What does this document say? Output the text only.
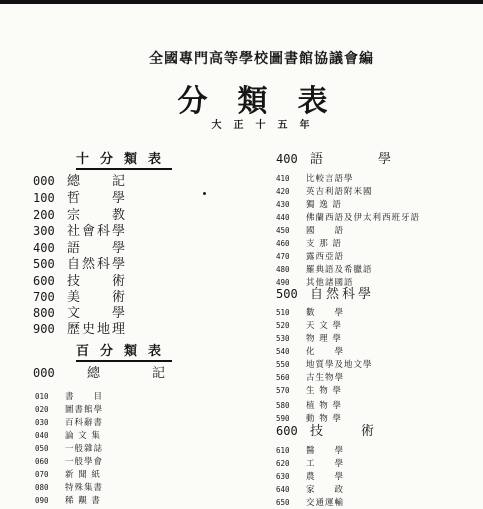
全國專門高等學校圖書館協議會編
分類表
大正十五年
十分類表
000 總　　記
100 哲　　學
200 宗　　教
300 社會科學
400 語　　學
500 自然科學
600 技　　術
700 美　　術
800 文　　學
900 歷史地理
百分類表
000 總　　　　記
010 書　　目
020 圖書館學
030 百科辭書
040 論 文 集
050 一般雜誌
060 一般學會
070 新 聞 紙
080 特殊集書
090 稀 覯 書
400 語　　　學
410 比較言語學
420 英吉利語附米國
430 獨 逸 語
440 佛蘭西語及伊太利西班牙語
450 國　　語
460 支 那 語
470 露西亞語
480 羅典語及希臘語
490 其他諸國語
500 自然科學
510 數　　學
520 天 文 學
530 物 理 學
540 化　　學
550 地質學及地文學
560 古生物學
570 生 物 學
580 植 物 學
590 動 物 學
600 技　　術
610 醫　　學
620 工　　學
630 農　　學
640 家　　政
650 交通運輸
